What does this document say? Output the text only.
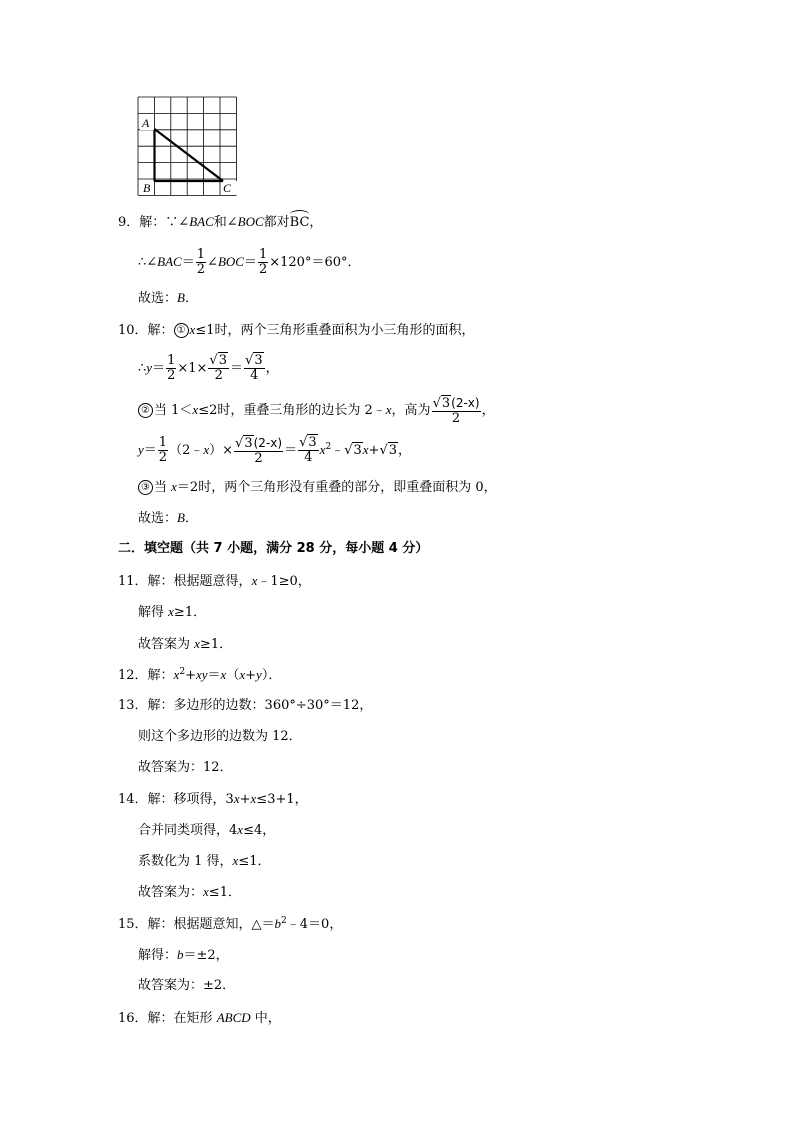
A
B	C
9．解：∵∠BAC和∠BOC都对BC，
∴∠BAC＝ $\frac{1}{2}$ ∠BOC＝ $\frac{1}{2} \times 120^\circ=60^\circ$．
故选：B．
10．解： ① x≤1时，两个三角形重叠面积为小三角形的面积，
∴y＝ $\frac{1}{2} \times 1\times \frac{√3}{2} = \frac{√3}{4}$ ，
② 当 1＜x≤2时，重叠三角形的边长为 2﹣x，高为 $\frac{√3(2-x)}{2}$ ，
$y= \frac{1}{2}$ （2﹣x）× $\frac{√3(2-x)}{2} = \frac{√3}{4}$ $x^2﹣√3x+√3$，
③ 当 x＝2时，两个三角形没有重叠的部分，即重叠面积为 0，
故选：B．
二．填空题（共 7 小题，满分 28 分，每小题 4 分）
11．解：根据题意得，x﹣1≥0，
解得 x≥1．
故答案为 x≥1．
12．解：$x^2+xy=x(x+y)$．
13．解：多边形的边数：360°÷30°＝12，
则这个多边形的边数为 12．
故答案为：12．
14．解：移项得，3x+x≤3+1，
合并同类项得，4x≤4，
系数化为 1 得，x≤1．
故答案为：x≤1．
15．解：根据题意知，$\triangle=b^2﹣4=0$，
解得：b＝±2，
故答案为：±2．
16．解：在矩形 ABCD 中，
